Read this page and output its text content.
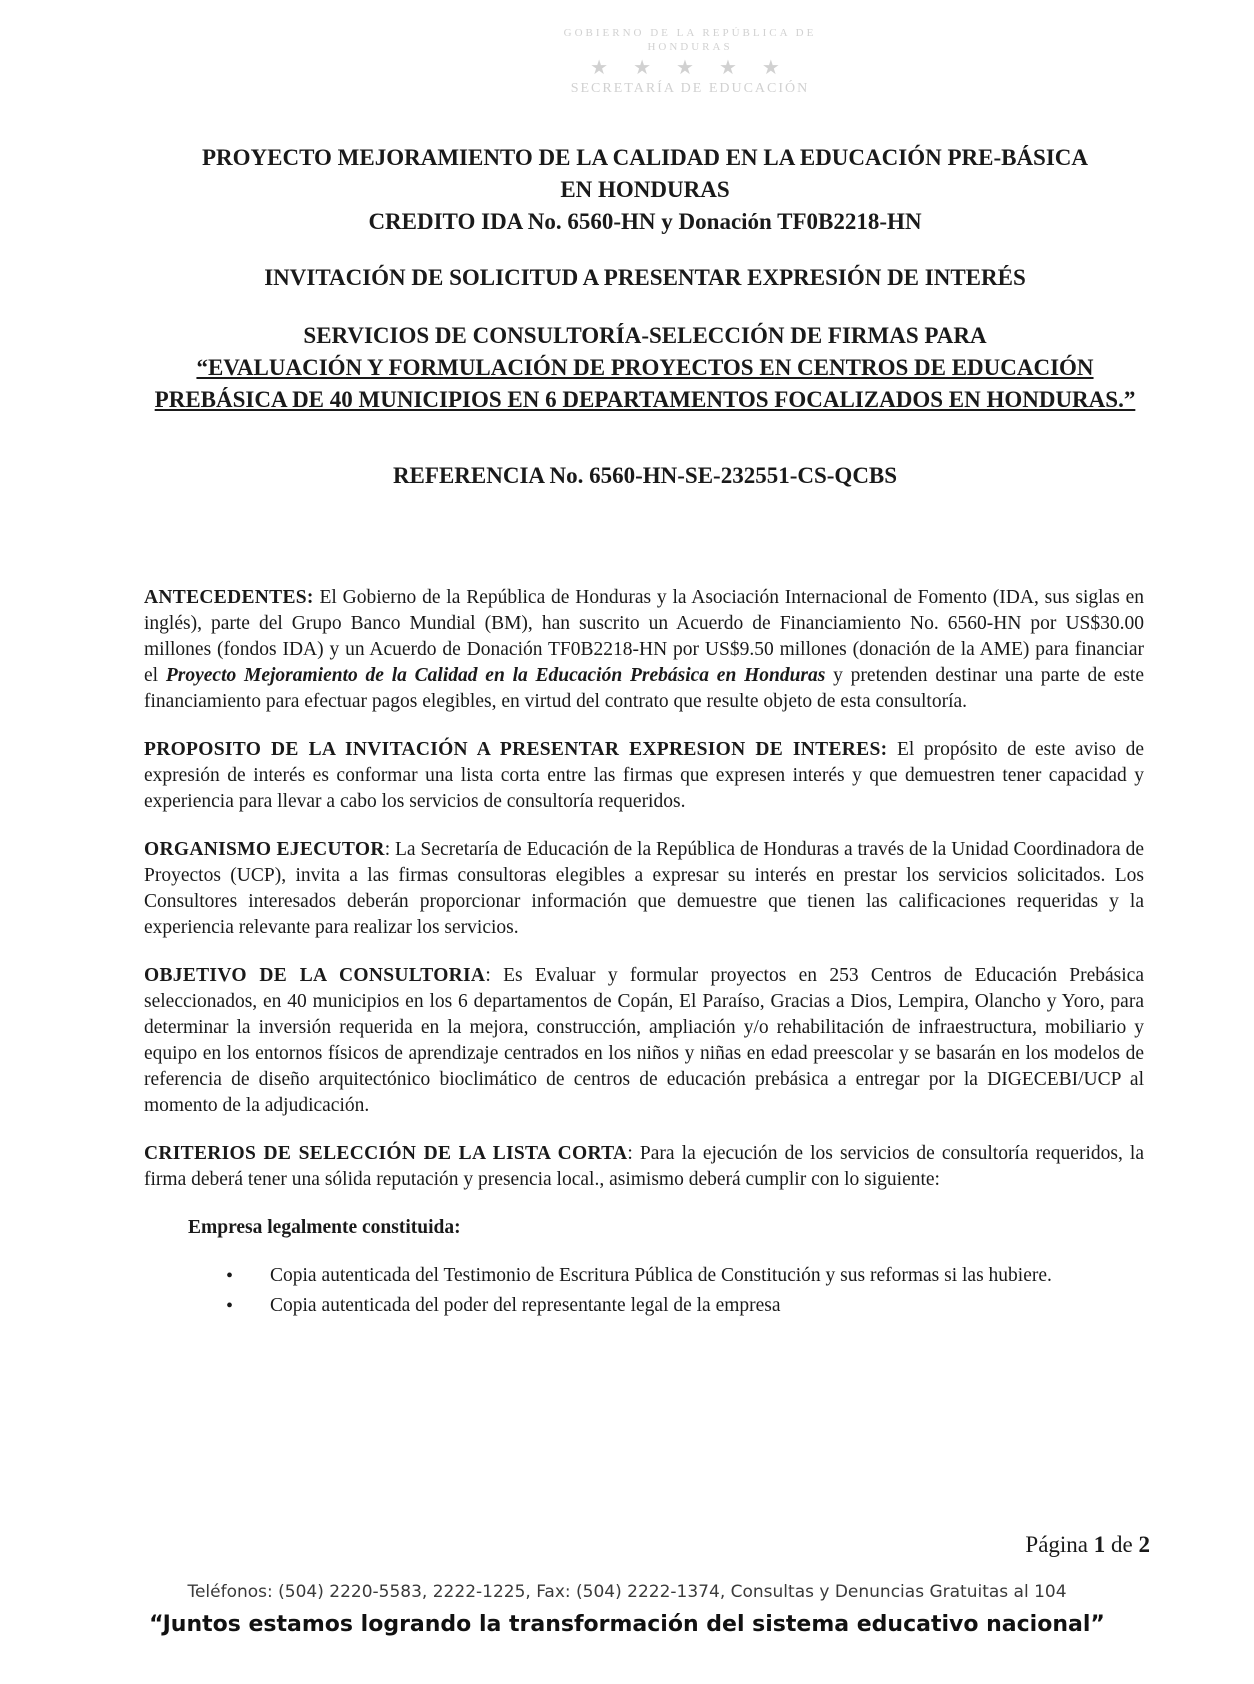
GOBIERNO DE LA REPÚBLICA DE HONDURAS
★ ★ ★ ★ ★
SECRETARÍA DE EDUCACIÓN

PROYECTO MEJORAMIENTO DE LA CALIDAD EN LA EDUCACIÓN PRE-BÁSICA

EN HONDURAS

CREDITO IDA No. 6560-HN y Donación TF0B2218-HN

INVITACIÓN DE SOLICITUD A PRESENTAR EXPRESIÓN DE INTERÉS

SERVICIOS DE CONSULTORÍA-SELECCIÓN DE FIRMAS PARA

“EVALUACIÓN Y FORMULACIÓN DE PROYECTOS EN CENTROS DE EDUCACIÓN PREBÁSICA DE 40 MUNICIPIOS EN 6 DEPARTAMENTOS FOCALIZADOS EN HONDURAS.”

REFERENCIA No. 6560-HN-SE-232551-CS-QCBS

ANTECEDENTES: El Gobierno de la República de Honduras y la Asociación Internacional de Fomento (IDA, sus siglas en inglés), parte del Grupo Banco Mundial (BM), han suscrito un Acuerdo de Financiamiento No. 6560-HN por US$30.00 millones (fondos IDA) y un Acuerdo de Donación TF0B2218-HN por US$9.50 millones (donación de la AME) para financiar el Proyecto Mejoramiento de la Calidad en la Educación Prebásica en Honduras y pretenden destinar una parte de este financiamiento para efectuar pagos elegibles, en virtud del contrato que resulte objeto de esta consultoría.

PROPOSITO DE LA INVITACIÓN A PRESENTAR EXPRESION DE INTERES: El propósito de este aviso de expresión de interés es conformar una lista corta entre las firmas que expresen interés y que demuestren tener capacidad y experiencia para llevar a cabo los servicios de consultoría requeridos.

ORGANISMO EJECUTOR: La Secretaría de Educación de la República de Honduras a través de la Unidad Coordinadora de Proyectos (UCP), invita a las firmas consultoras elegibles a expresar su interés en prestar los servicios solicitados. Los Consultores interesados deberán proporcionar información que demuestre que tienen las calificaciones requeridas y la experiencia relevante para realizar los servicios.

OBJETIVO DE LA CONSULTORIA: Es Evaluar y formular proyectos en 253 Centros de Educación Prebásica seleccionados, en 40 municipios en los 6 departamentos de Copán, El Paraíso, Gracias a Dios, Lempira, Olancho y Yoro, para determinar la inversión requerida en la mejora, construcción, ampliación y/o rehabilitación de infraestructura, mobiliario y equipo en los entornos físicos de aprendizaje centrados en los niños y niñas en edad preescolar y se basarán en los modelos de referencia de diseño arquitectónico bioclimático de centros de educación prebásica a entregar por la DIGECEBI/UCP al momento de la adjudicación.

CRITERIOS DE SELECCIÓN DE LA LISTA CORTA: Para la ejecución de los servicios de consultoría requeridos, la firma deberá tener una sólida reputación y presencia local., asimismo deberá cumplir con lo siguiente:

Empresa legalmente constituida:

• Copia autenticada del Testimonio de Escritura Pública de Constitución y sus reformas si las hubiere.
• Copia autenticada del poder del representante legal de la empresa
Página 1 de 2
Teléfonos: (504) 2220-5583, 2222-1225, Fax: (504) 2222-1374, Consultas y Denuncias Gratuitas al 104
“Juntos estamos logrando la transformación del sistema educativo nacional”
